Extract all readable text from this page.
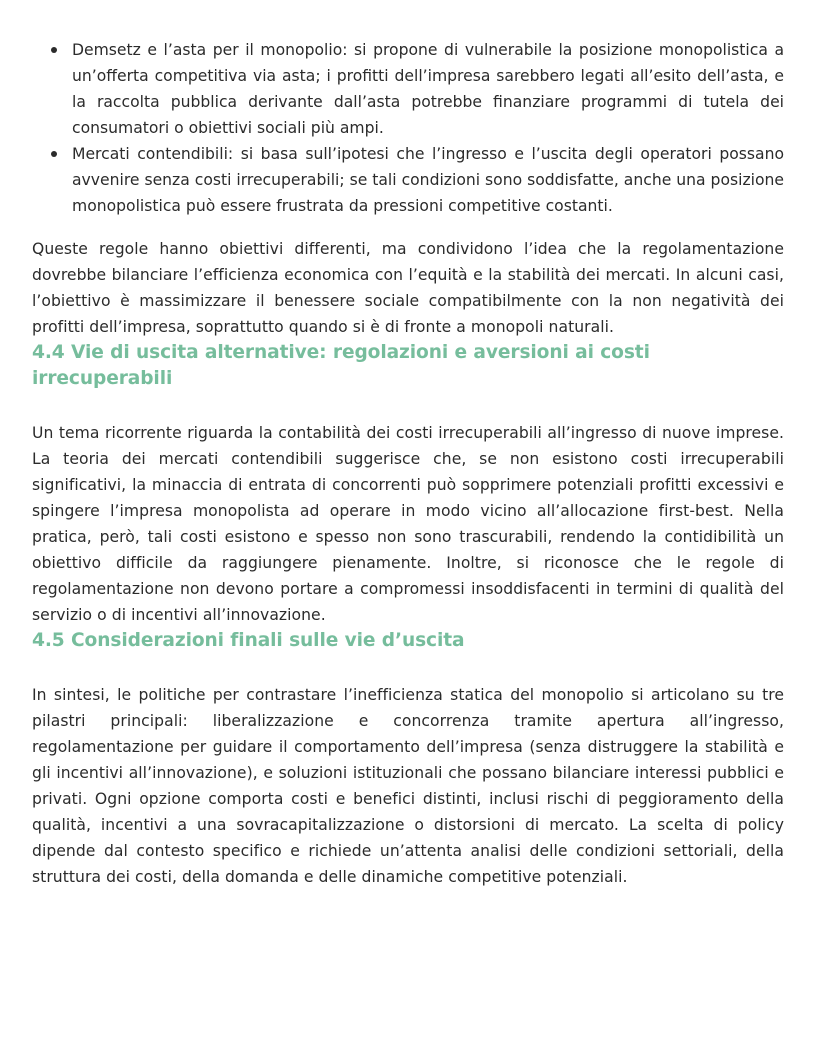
Demsetz e l’asta per il monopolio: si propone di vulnerabile la posizione monopolistica a un’offerta competitiva via asta; i profitti dell’impresa sarebbero legati all’esito dell’asta, e la raccolta pubblica derivante dall’asta potrebbe finanziare programmi di tutela dei consumatori o obiettivi sociali più ampi.
Mercati contendibili: si basa sull’ipotesi che l’ingresso e l’uscita degli operatori possano avvenire senza costi irrecuperabili; se tali condizioni sono soddisfatte, anche una posizione monopolistica può essere frustrata da pressioni competitive costanti.

Queste regole hanno obiettivi differenti, ma condividono l’idea che la regolamentazione dovrebbe bilanciare l’efficienza economica con l’equità e la stabilità dei mercati. In alcuni casi, l’obiettivo è massimizzare il benessere sociale compatibilmente con la non negatività dei profitti dell’impresa, soprattutto quando si è di fronte a monopoli naturali.

4.4 Vie di uscita alternative: regolazioni e aversioni ai costi irrecuperabili

Un tema ricorrente riguarda la contabilità dei costi irrecuperabili all’ingresso di nuove imprese. La teoria dei mercati contendibili suggerisce che, se non esistono costi irrecuperabili significativi, la minaccia di entrata di concorrenti può sopprimere potenziali profitti excessivi e spingere l’impresa monopolista ad operare in modo vicino all’allocazione first-best. Nella pratica, però, tali costi esistono e spesso non sono trascurabili, rendendo la contidibilità un obiettivo difficile da raggiungere pienamente. Inoltre, si riconosce che le regole di regolamentazione non devono portare a compromessi insoddisfacenti in termini di qualità del servizio o di incentivi all’innovazione.

4.5 Considerazioni finali sulle vie d’uscita

In sintesi, le politiche per contrastare l’inefficienza statica del monopolio si articolano su tre pilastri principali: liberalizzazione e concorrenza tramite apertura all’ingresso, regolamentazione per guidare il comportamento dell’impresa (senza distruggere la stabilità e gli incentivi all’innovazione), e soluzioni istituzionali che possano bilanciare interessi pubblici e privati. Ogni opzione comporta costi e benefici distinti, inclusi rischi di peggioramento della qualità, incentivi a una sovracapitalizzazione o distorsioni di mercato. La scelta di policy dipende dal contesto specifico e richiede un’attenta analisi delle condizioni settoriali, della struttura dei costi, della domanda e delle dinamiche competitive potenziali.
